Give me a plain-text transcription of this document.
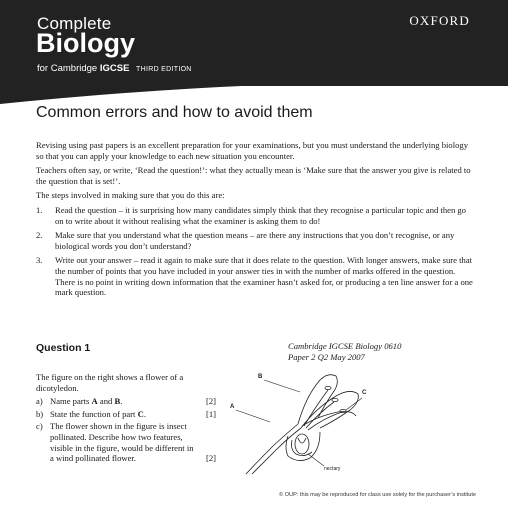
Complete
Biology
for Cambridge IGCSE THIRD EDITION
OXFORD
Common errors and how to avoid them

Revising using past papers is an excellent preparation for your examinations, but you must understand the underlying biology so that you can apply your knowledge to each new situation you encounter.

Teachers often say, or write, ‘Read the question!’: what they actually mean is ‘Make sure that the answer you give is related to the question that is set!’.

The steps involved in making sure that you do this are:

1. Read the question – it is surprising how many candidates simply think that they recognise a particular topic and then go on to write about it without realising what the examiner is asking them to do!
2. Make sure that you understand what the question means – are there any instructions that you don’t recognise, or any biological words you don’t understand?
3. Write out your answer – read it again to make sure that it does relate to the question. With longer answers, make sure that the number of points that you have included in your answer ties in with the number of marks offered in the question. There is no point in writing down information that the examiner hasn’t asked for, or producing a ten line answer for a one mark question.
Question 1	Cambridge IGCSE Biology 0610
Paper 2 Q2 May 2007

The figure on the right shows a flower of a dicotyledon.

a) Name parts A and B.	[2]
b) State the function of part C.	[1]
c) The flower shown in the figure is insect pollinated. Describe how two features, visible in the figure, would be different in a wind pollinated flower.	[2]
A
B
C
nectary
© OUP: this may be reproduced for class use solely for the purchaser’s institute
